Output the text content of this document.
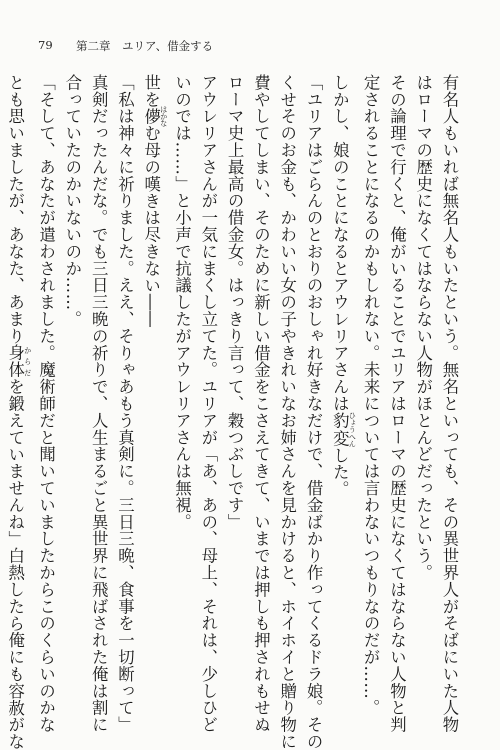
79 第二章　ユリア、借金する
有名人もいれば無名人もいたという。無名といっても、その異世界人がそばにいた人物
はローマの歴史になくてはならない人物がほとんどだったという。
その論理で行くと、俺がいることでユリアはローマの歴史になくてはならない人物と判
定されることになるのかもしれない。未来については言わないつもりなのだが……。
しかし、娘のことになるとアウレリアさんは豹変 ひょうへんした。
「ユリアはごらんのとおりのおしゃれ好きなだけで、借金ばかり作ってくるドラ娘。その
くせそのお金も、かわいい女の子やきれいなお姉さんを見かけると、ホイホイと贈り物に
費やしてしまい、そのために新しい借金をこさえてきて、いまでは押しも押されもせぬ
ローマ史上最高の借金女。はっきり言って、穀つぶしです」
アウレリアさんが一気にまくし立てた。ユリアが「あ、あの、母上、それは、少しひど
いのでは……」と小声で抗議したがアウレリアさんは無視。
世を儚 はかなむ母の嘆きは尽きない――
「私は神々に祈りました。ええ、そりゃあもう真剣に。三日三晩、食事を一切断って」
真剣だったんだな。でも三日三晩の祈りで、人生まるごと異世界に飛ばされた俺は割に
合っていたのかいないのか……。
「そして、あなたが遣わされました。魔術師だと聞いていましたからこのくらいのかな
とも思いましたが、あなた、あまり身体 からだを鍛えていませんね」白熱したら俺にも容赦がな
